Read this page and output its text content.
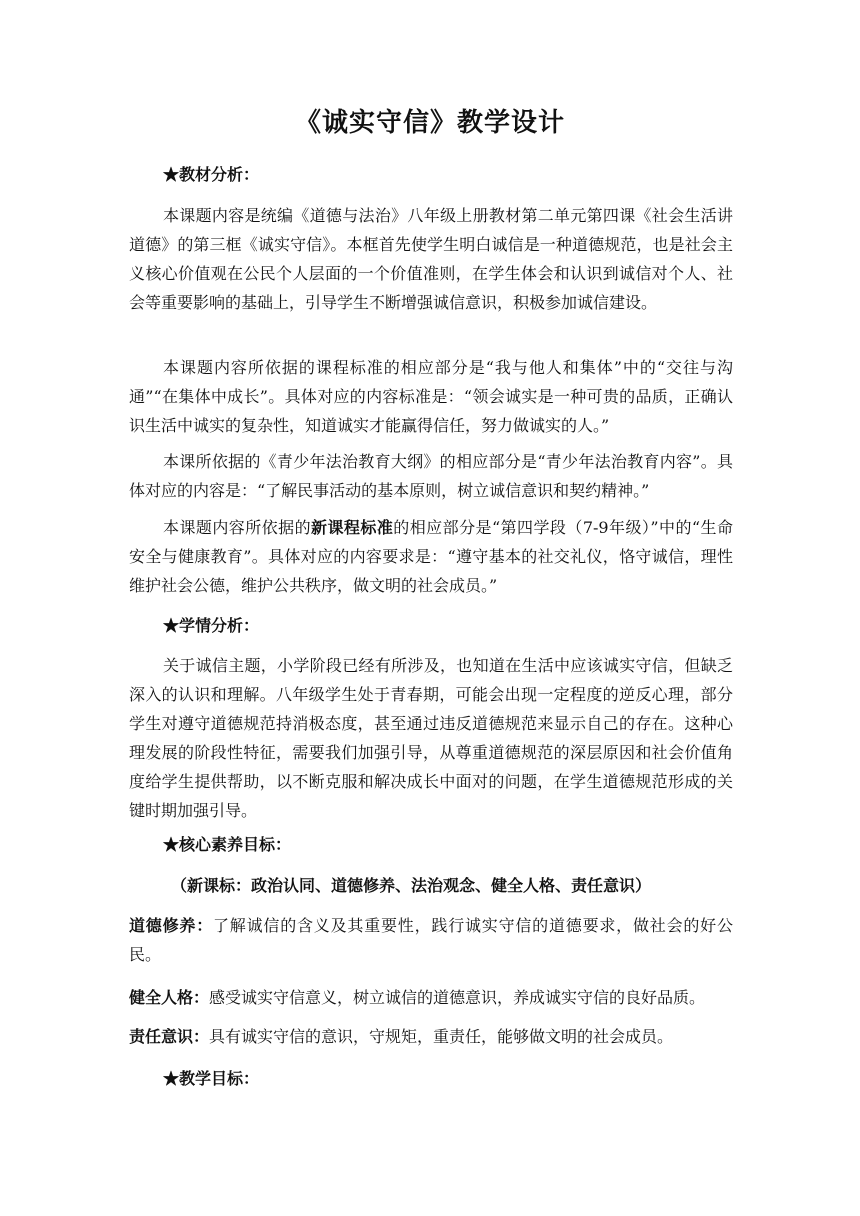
《诚实守信》教学设计
★教材分析：
本课题内容是统编《道德与法治》八年级上册教材第二单元第四课《社会生活讲道德》的第三框《诚实守信》。本框首先使学生明白诚信是一种道德规范，也是社会主义核心价值观在公民个人层面的一个价值准则，在学生体会和认识到诚信对个人、社会等重要影响的基础上，引导学生不断增强诚信意识，积极参加诚信建设。
本课题内容所依据的课程标准的相应部分是“我与他人和集体”中的“交往与沟通”“在集体中成长”。具体对应的内容标准是：“领会诚实是一种可贵的品质，正确认识生活中诚实的复杂性，知道诚实才能赢得信任，努力做诚实的人。”
本课所依据的《青少年法治教育大纲》的相应部分是“青少年法治教育内容”。具体对应的内容是：“了解民事活动的基本原则，树立诚信意识和契约精神。”
本课题内容所依据的新课程标准的相应部分是“第四学段（7-9年级）”中的“生命安全与健康教育”。具体对应的内容要求是：“遵守基本的社交礼仪，恪守诚信，理性维护社会公德，维护公共秩序，做文明的社会成员。”
★学情分析：
关于诚信主题，小学阶段已经有所涉及，也知道在生活中应该诚实守信，但缺乏深入的认识和理解。八年级学生处于青春期，可能会出现一定程度的逆反心理，部分学生对遵守道德规范持消极态度，甚至通过违反道德规范来显示自己的存在。这种心理发展的阶段性特征，需要我们加强引导，从尊重道德规范的深层原因和社会价值角度给学生提供帮助，以不断克服和解决成长中面对的问题，在学生道德规范形成的关键时期加强引导。
★核心素养目标：
（新课标：政治认同、道德修养、法治观念、健全人格、责任意识）
道德修养：了解诚信的含义及其重要性，践行诚实守信的道德要求，做社会的好公民。
健全人格：感受诚实守信意义，树立诚信的道德意识，养成诚实守信的良好品质。
责任意识：具有诚实守信的意识，守规矩，重责任，能够做文明的社会成员。
★教学目标：
